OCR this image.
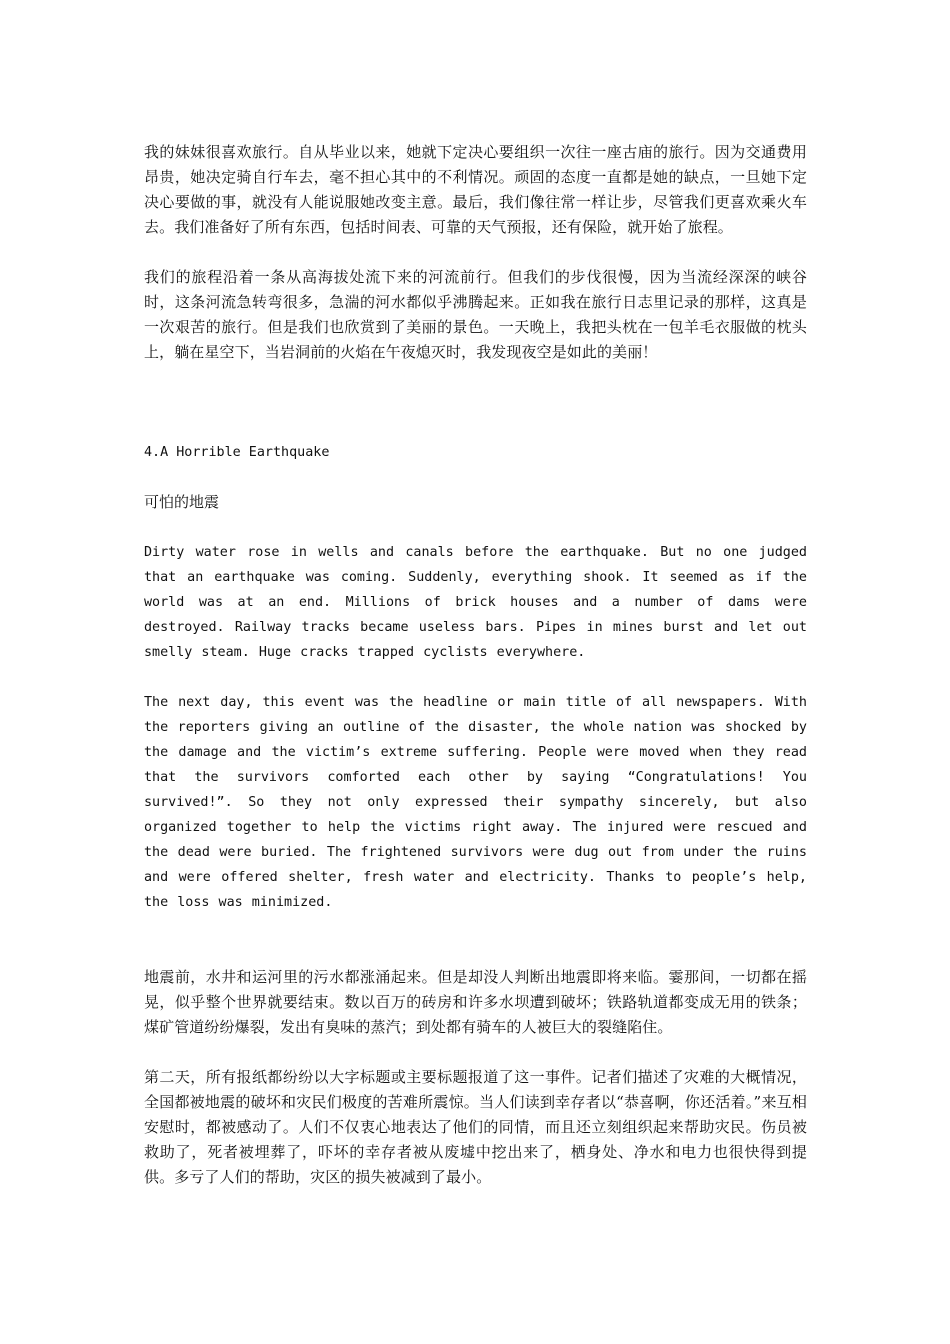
我的妹妹很喜欢旅行。自从毕业以来，她就下定决心要组织一次往一座古庙的旅行。因为交通费用昂贵，她决定骑自行车去，毫不担心其中的不利情况。顽固的态度一直都是她的缺点，一旦她下定决心要做的事，就没有人能说服她改变主意。最后，我们像往常一样让步，尽管我们更喜欢乘火车去。我们准备好了所有东西，包括时间表、可靠的天气预报，还有保险，就开始了旅程。

我们的旅程沿着一条从高海拔处流下来的河流前行。但我们的步伐很慢，因为当流经深深的峡谷时，这条河流急转弯很多，急湍的河水都似乎沸腾起来。正如我在旅行日志里记录的那样，这真是一次艰苦的旅行。但是我们也欣赏到了美丽的景色。一天晚上，我把头枕在一包羊毛衣服做的枕头上，躺在星空下，当岩洞前的火焰在午夜熄灭时，我发现夜空是如此的美丽！

4.A Horrible Earthquake

可怕的地震

Dirty water rose in wells and canals before the earthquake. But no one judged that an earthquake was coming. Suddenly, everything shook. It seemed as if the world was at an end. Millions of brick houses and a number of dams were destroyed. Railway tracks became useless bars. Pipes in mines burst and let out smelly steam. Huge cracks trapped cyclists everywhere.

The next day, this event was the headline or main title of all newspapers. With the reporters giving an outline of the disaster, the whole nation was shocked by the damage and the victim’s extreme suffering. People were moved when they read that the survivors comforted each other by saying “Congratulations! You survived!”. So they not only expressed their sympathy sincerely, but also organized together to help the victims right away. The injured were rescued and the dead were buried. The frightened survivors were dug out from under the ruins and were offered shelter, fresh water and electricity. Thanks to people’s help, the loss was minimized.

地震前，水井和运河里的污水都涨涌起来。但是却没人判断出地震即将来临。霎那间，一切都在摇晃，似乎整个世界就要结束。数以百万的砖房和许多水坝遭到破坏；铁路轨道都变成无用的铁条；煤矿管道纷纷爆裂，发出有臭味的蒸汽；到处都有骑车的人被巨大的裂缝陷住。

第二天，所有报纸都纷纷以大字标题或主要标题报道了这一事件。记者们描述了灾难的大概情况，全国都被地震的破坏和灾民们极度的苦难所震惊。当人们读到幸存者以“恭喜啊，你还活着。”来互相安慰时，都被感动了。人们不仅衷心地表达了他们的同情，而且还立刻组织起来帮助灾民。伤员被救助了，死者被埋葬了，吓坏的幸存者被从废墟中挖出来了，栖身处、净水和电力也很快得到提供。多亏了人们的帮助，灾区的损失被减到了最小。
